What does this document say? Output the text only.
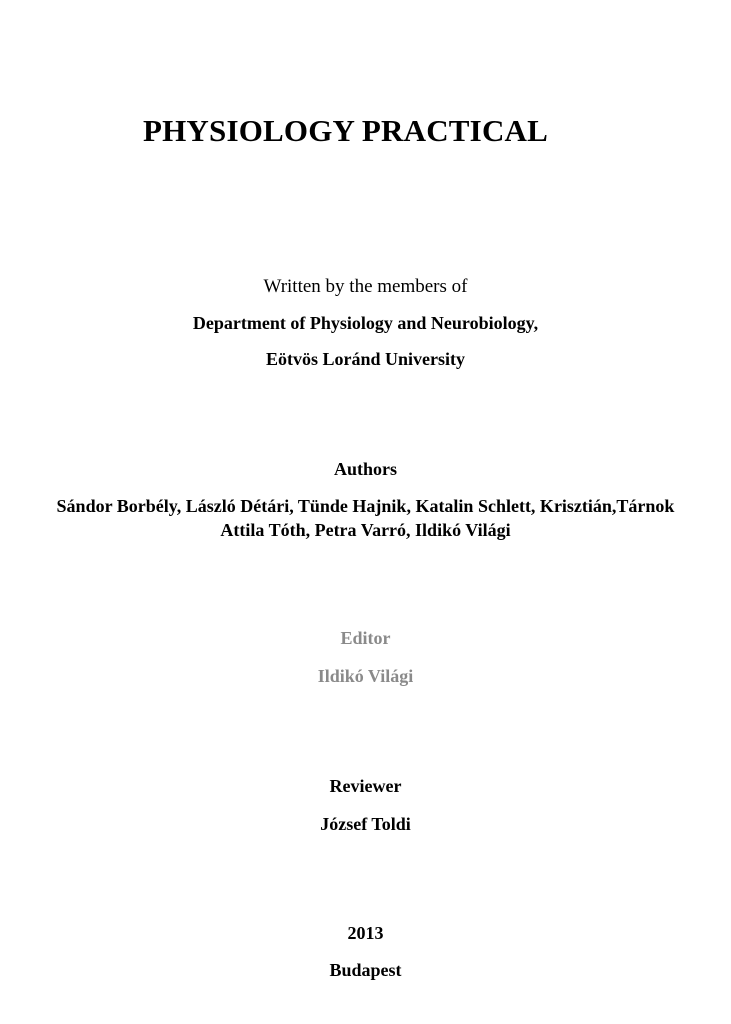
PHYSIOLOGY PRACTICAL
Written by the members of
Department of Physiology and Neurobiology,
Eötvös Loránd University
Authors
Sándor Borbély, László Détári, Tünde Hajnik, Katalin Schlett, Krisztián,Tárnok
Attila Tóth, Petra Varró, Ildikó Világi
Editor
Ildikó Világi
Reviewer
József Toldi
2013
Budapest
